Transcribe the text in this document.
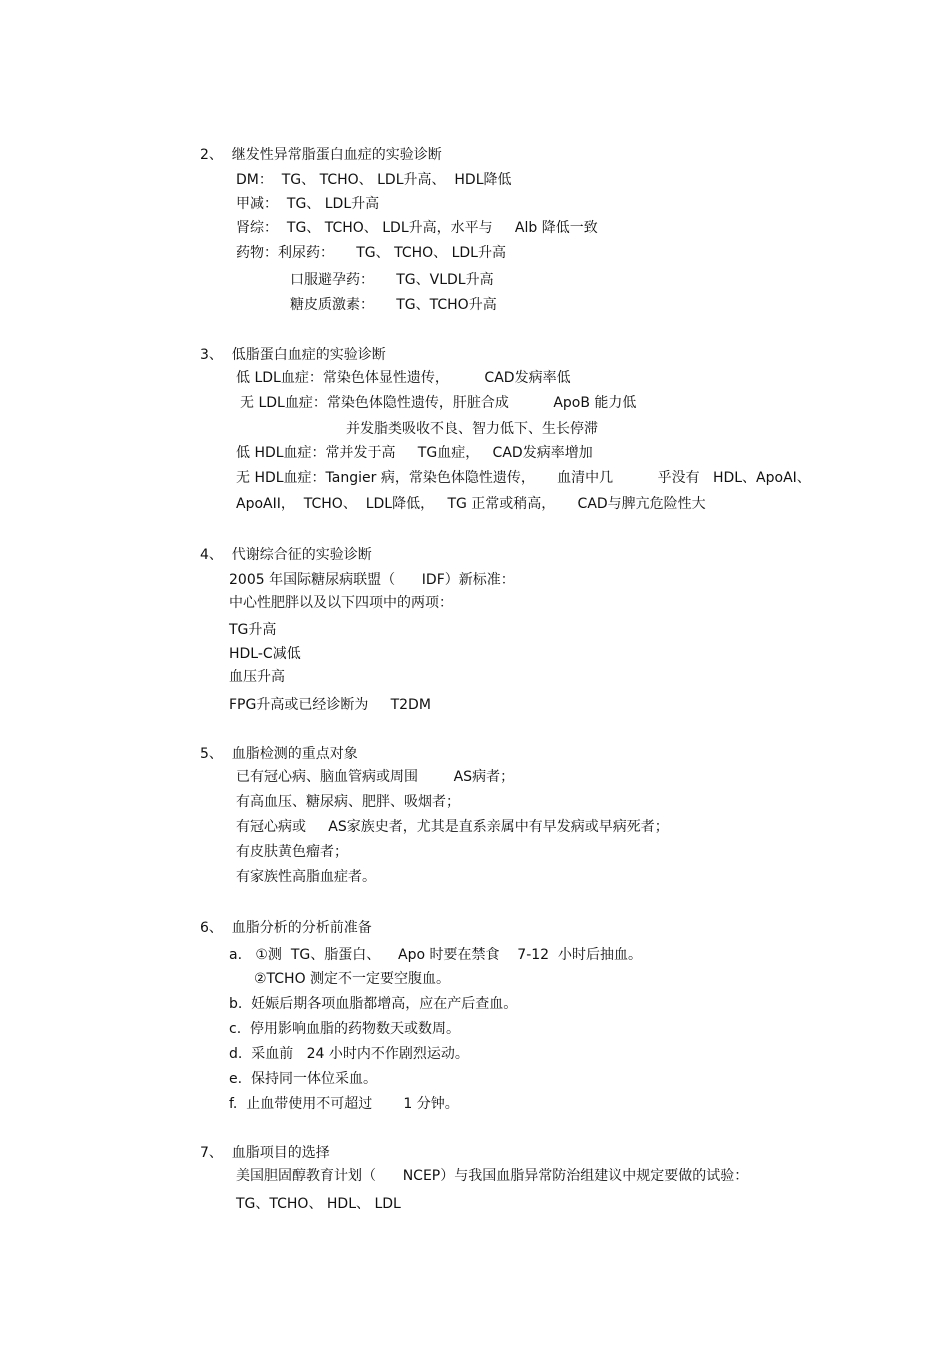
2、  继发性异常脂蛋白血症的实验诊断
DM：  TG、 TCHO、 LDL升高、  HDL降低
甲减：  TG、 LDL升高
肾综：  TG、 TCHO、 LDL升高，水平与     Alb 降低一致
药物：利尿药：     TG、 TCHO、 LDL升高
口服避孕药：     TG、VLDL升高
糖皮质激素：     TG、TCHO升高
3、  低脂蛋白血症的实验诊断
低 LDL血症：常染色体显性遗传，        CAD发病率低
无 LDL血症：常染色体隐性遗传，肝脏合成          ApoB 能力低
并发脂类吸收不良、智力低下、生长停滞
低 HDL血症：常并发于高     TG血症，   CAD发病率增加
无 HDL血症：Tangier 病，常染色体隐性遗传，     血清中几          乎没有   HDL、ApoAI、
ApoAII，  TCHO、  LDL降低，   TG 正常或稍高，     CAD与脾亢危险性大
4、  代谢综合征的实验诊断
2005 年国际糖尿病联盟（      IDF）新标准：
中心性肥胖以及以下四项中的两项：
TG升高
HDL-C减低
血压升高
FPG升高或已经诊断为     T2DM
5、  血脂检测的重点对象
已有冠心病、脑血管病或周围        AS病者；
有高血压、糖尿病、肥胖、吸烟者；
有冠心病或     AS家族史者，尤其是直系亲属中有早发病或早病死者；
有皮肤黄色瘤者；
有家族性高脂血症者。
6、  血脂分析的分析前准备
a.   ①测  TG、脂蛋白、    Apo 时要在禁食    7-12  小时后抽血。
②TCHO 测定不一定要空腹血。
b.  妊娠后期各项血脂都增高，应在产后查血。
c.  停用影响血脂的药物数天或数周。
d.  采血前   24 小时内不作剧烈运动。
e.  保持同一体位采血。
f.  止血带使用不可超过       1 分钟。
7、  血脂项目的选择
美国胆固醇教育计划（      NCEP）与我国血脂异常防治组建议中规定要做的试验：
TG、TCHO、 HDL、 LDL
